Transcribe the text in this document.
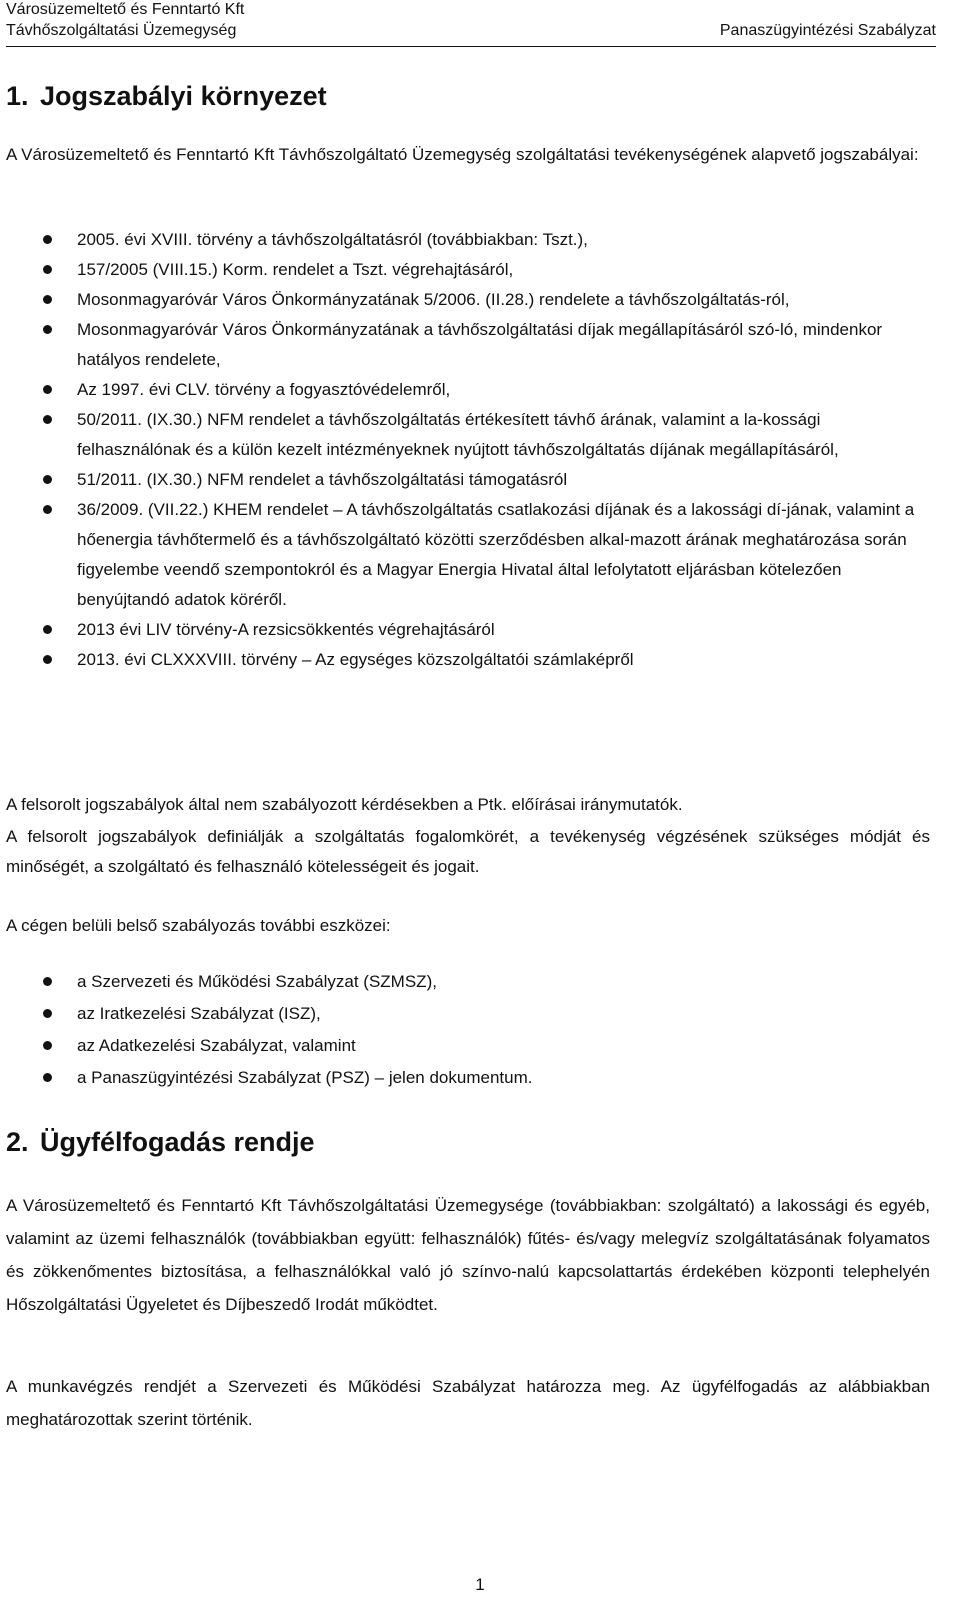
Városüzemeltető és Fenntartó Kft
Távhőszolgáltatási Üzemegység	Panaszügyintézési Szabályzat
1. Jogszabályi környezet
A Városüzemeltető és Fenntartó Kft Távhőszolgáltató Üzemegység szolgáltatási tevékenységének alapvető jogszabályai:
2005. évi XVIII. törvény a távhőszolgáltatásról (továbbiakban: Tszt.),
157/2005 (VIII.15.) Korm. rendelet a Tszt. végrehajtásáról,
Mosonmagyaróvár Város Önkormányzatának 5/2006. (II.28.) rendelete a távhőszolgáltatás-ról,
Mosonmagyaróvár Város Önkormányzatának a távhőszolgáltatási díjak megállapításáról szó-ló, mindenkor hatályos rendelete,
Az 1997. évi CLV. törvény a fogyasztóvédelemről,
50/2011. (IX.30.) NFM rendelet a távhőszolgáltatás értékesített távhő árának, valamint a la-kossági felhasználónak és a külön kezelt intézményeknek nyújtott távhőszolgáltatás díjának megállapításáról,
51/2011. (IX.30.) NFM rendelet a távhőszolgáltatási támogatásról
36/2009. (VII.22.) KHEM rendelet – A távhőszolgáltatás csatlakozási díjának és a lakossági dí-jának, valamint a hőenergia távhőtermelő és a távhőszolgáltató közötti szerződésben alkal-mazott árának meghatározása során figyelembe veendő szempontokról és a Magyar Energia Hivatal által lefolytatott eljárásban kötelezően benyújtandó adatok köréről.
2013 évi LIV törvény-A rezsicsökkentés végrehajtásáról
2013. évi CLXXXVIII. törvény – Az egységes közszolgáltatói számlaképről
A felsorolt jogszabályok által nem szabályozott kérdésekben a Ptk. előírásai iránymutatók.
A felsorolt jogszabályok definiálják a szolgáltatás fogalomkörét, a tevékenység végzésének szükséges módját és minőségét, a szolgáltató és felhasználó kötelességeit és jogait.
A cégen belüli belső szabályozás további eszközei:
a Szervezeti és Működési Szabályzat (SZMSZ),
az Iratkezelési Szabályzat (ISZ),
az Adatkezelési Szabályzat, valamint
a Panaszügyintézési Szabályzat (PSZ) – jelen dokumentum.
2. Ügyfélfogadás rendje
A Városüzemeltető és Fenntartó Kft Távhőszolgáltatási Üzemegysége (továbbiakban: szolgáltató) a lakossági és egyéb, valamint az üzemi felhasználók (továbbiakban együtt: felhasználók) fűtés- és/vagy melegvíz szolgáltatásának folyamatos és zökkenőmentes biztosítása, a felhasználókkal való jó színvo-nalú kapcsolattartás érdekében központi telephelyén Hőszolgáltatási Ügyeletet és Díjbeszedő Irodát működtet.
A munkavégzés rendjét a Szervezeti és Működési Szabályzat határozza meg. Az ügyfélfogadás az alábbiakban meghatározottak szerint történik.
1
